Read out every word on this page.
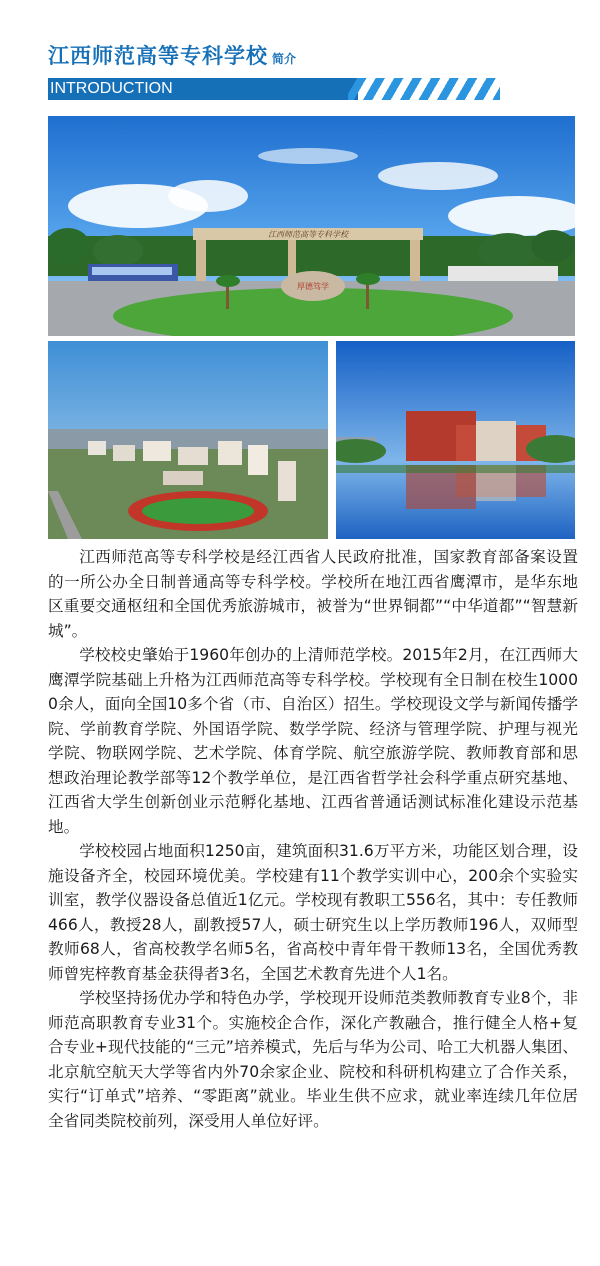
江西师范高等专科学校 简介
INTRODUCTION
江西师范高等专科学校
厚德笃学

江西师范高等专科学校是经江西省人民政府批准，国家教育部备案设置的一所公办全日制普通高等专科学校。学校所在地江西省鹰潭市，是华东地区重要交通枢纽和全国优秀旅游城市，被誉为“世界铜都”“中华道都”“智慧新城”。

学校校史肇始于1960年创办的上清师范学校。2015年2月，在江西师大鹰潭学院基础上升格为江西师范高等专科学校。学校现有全日制在校生10000余人，面向全国10多个省（市、自治区）招生。学校现设文学与新闻传播学院、学前教育学院、外国语学院、数学学院、经济与管理学院、护理与视光学院、物联网学院、艺术学院、体育学院、航空旅游学院、教师教育部和思想政治理论教学部等12个教学单位，是江西省哲学社会科学重点研究基地、江西省大学生创新创业示范孵化基地、江西省普通话测试标准化建设示范基地。

学校校园占地面积1250亩，建筑面积31.6万平方米，功能区划合理，设施设备齐全，校园环境优美。学校建有11个教学实训中心，200余个实验实训室，教学仪器设备总值近1亿元。学校现有教职工556名，其中：专任教师466人，教授28人，副教授57人，硕士研究生以上学历教师196人，双师型教师68人，省高校教学名师5名，省高校中青年骨干教师13名，全国优秀教师曾宪梓教育基金获得者3名，全国艺术教育先进个人1名。

学校坚持扬优办学和特色办学，学校现开设师范类教师教育专业8个，非师范高职教育专业31个。实施校企合作，深化产教融合，推行健全人格+复合专业+现代技能的“三元”培养模式，先后与华为公司、哈工大机器人集团、北京航空航天大学等省内外70余家企业、院校和科研机构建立了合作关系，实行“订单式”培养、“零距离”就业。毕业生供不应求，就业率连续几年位居全省同类院校前列，深受用人单位好评。
